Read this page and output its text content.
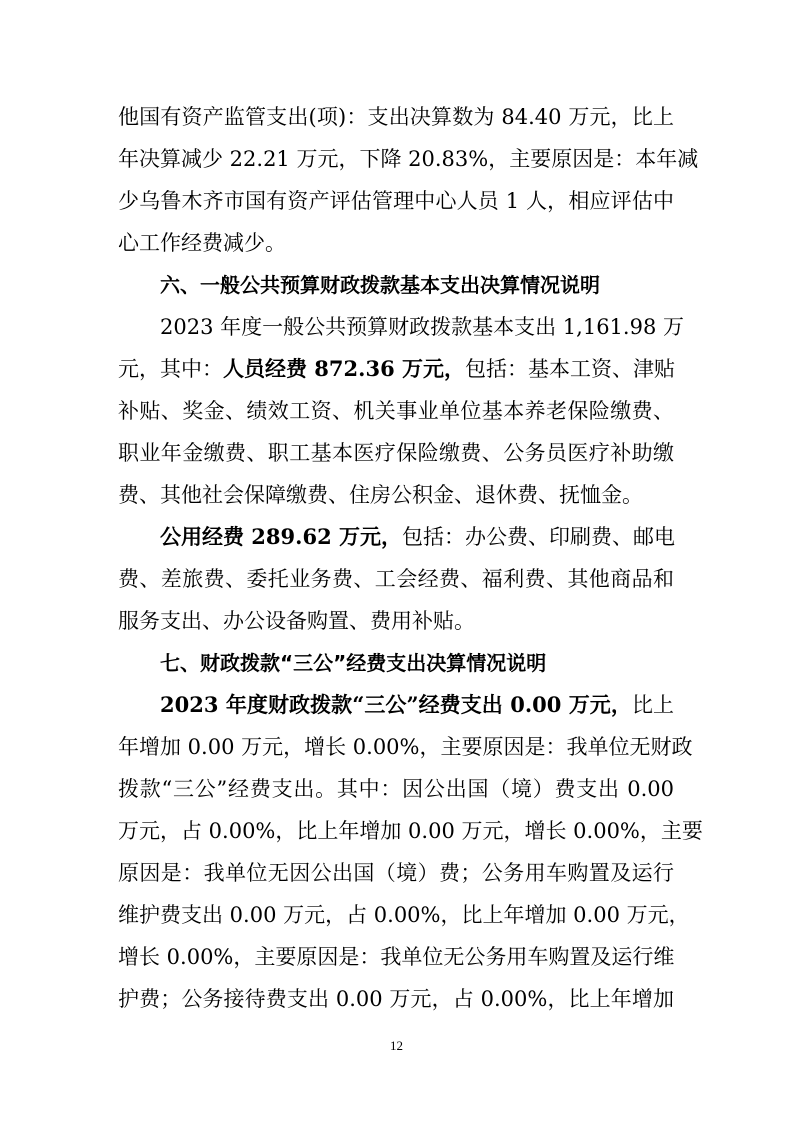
他国有资产监管支出(项)：支出决算数为 84.40 万元，比上
年决算减少 22.21 万元，下降 20.83%，主要原因是：本年减
少乌鲁木齐市国有资产评估管理中心人员 1 人，相应评估中
心工作经费减少。
六、一般公共预算财政拨款基本支出决算情况说明
2023 年度一般公共预算财政拨款基本支出 1,161.98 万
元，其中：人员经费 872.36 万元，包括：基本工资、津贴
补贴、奖金、绩效工资、机关事业单位基本养老保险缴费、
职业年金缴费、职工基本医疗保险缴费、公务员医疗补助缴
费、其他社会保障缴费、住房公积金、退休费、抚恤金。
公用经费 289.62 万元，包括：办公费、印刷费、邮电
费、差旅费、委托业务费、工会经费、福利费、其他商品和
服务支出、办公设备购置、费用补贴。
七、财政拨款“三公”经费支出决算情况说明
2023 年度财政拨款“三公”经费支出 0.00 万元，比上
年增加 0.00 万元，增长 0.00%，主要原因是：我单位无财政
拨款“三公”经费支出。其中：因公出国（境）费支出 0.00
万元，占 0.00%，比上年增加 0.00 万元，增长 0.00%，主要
原因是：我单位无因公出国（境）费；公务用车购置及运行
维护费支出 0.00 万元，占 0.00%，比上年增加 0.00 万元，
增长 0.00%，主要原因是：我单位无公务用车购置及运行维
护费；公务接待费支出 0.00 万元，占 0.00%，比上年增加
12
